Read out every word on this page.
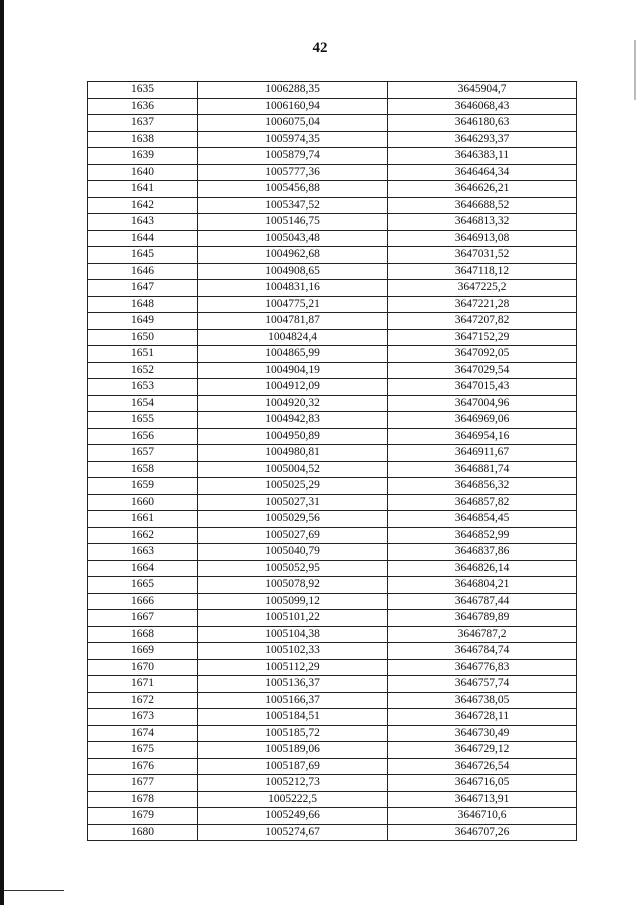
42
1635	1006288,35	3645904,7
1636	1006160,94	3646068,43
1637	1006075,04	3646180,63
1638	1005974,35	3646293,37
1639	1005879,74	3646383,11
1640	1005777,36	3646464,34
1641	1005456,88	3646626,21
1642	1005347,52	3646688,52
1643	1005146,75	3646813,32
1644	1005043,48	3646913,08
1645	1004962,68	3647031,52
1646	1004908,65	3647118,12
1647	1004831,16	3647225,2
1648	1004775,21	3647221,28
1649	1004781,87	3647207,82
1650	1004824,4	3647152,29
1651	1004865,99	3647092,05
1652	1004904,19	3647029,54
1653	1004912,09	3647015,43
1654	1004920,32	3647004,96
1655	1004942,83	3646969,06
1656	1004950,89	3646954,16
1657	1004980,81	3646911,67
1658	1005004,52	3646881,74
1659	1005025,29	3646856,32
1660	1005027,31	3646857,82
1661	1005029,56	3646854,45
1662	1005027,69	3646852,99
1663	1005040,79	3646837,86
1664	1005052,95	3646826,14
1665	1005078,92	3646804,21
1666	1005099,12	3646787,44
1667	1005101,22	3646789,89
1668	1005104,38	3646787,2
1669	1005102,33	3646784,74
1670	1005112,29	3646776,83
1671	1005136,37	3646757,74
1672	1005166,37	3646738,05
1673	1005184,51	3646728,11
1674	1005185,72	3646730,49
1675	1005189,06	3646729,12
1676	1005187,69	3646726,54
1677	1005212,73	3646716,05
1678	1005222,5	3646713,91
1679	1005249,66	3646710,6
1680	1005274,67	3646707,26
